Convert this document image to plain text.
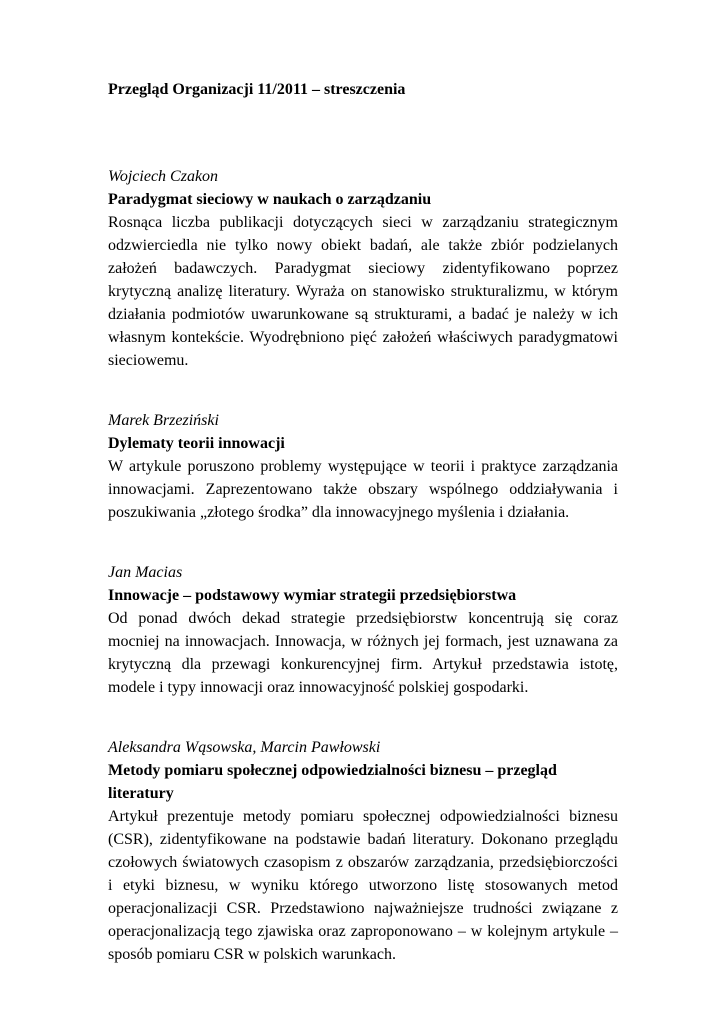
Przegląd Organizacji 11/2011 – streszczenia
Wojciech Czakon
Paradygmat sieciowy w naukach o zarządzaniu

Rosnąca liczba publikacji dotyczących sieci w zarządzaniu strategicznym odzwierciedla nie tylko nowy obiekt badań, ale także zbiór podzielanych założeń badawczych. Paradygmat sieciowy zidentyfikowano poprzez krytyczną analizę literatury. Wyraża on stanowisko strukturalizmu, w którym działania podmiotów uwarunkowane są strukturami, a badać je należy w ich własnym kontekście. Wyodrębniono pięć założeń właściwych paradygmatowi sieciowemu.

Marek Brzeziński
Dylematy teorii innowacji

W artykule poruszono problemy występujące w teorii i praktyce zarządzania innowacjami. Zaprezentowano także obszary wspólnego oddziaływania i poszukiwania „złotego środka” dla innowacyjnego myślenia i działania.

Jan Macias
Innowacje – podstawowy wymiar strategii przedsiębiorstwa

Od ponad dwóch dekad strategie przedsiębiorstw koncentrują się coraz mocniej na innowacjach. Innowacja, w różnych jej formach, jest uznawana za krytyczną dla przewagi konkurencyjnej firm. Artykuł przedstawia istotę, modele i typy innowacji oraz innowacyjność polskiej gospodarki.

Aleksandra Wąsowska, Marcin Pawłowski
Metody pomiaru społecznej odpowiedzialności biznesu – przegląd literatury

Artykuł prezentuje metody pomiaru społecznej odpowiedzialności biznesu (CSR), zidentyfikowane na podstawie badań literatury. Dokonano przeglądu czołowych światowych czasopism z obszarów zarządzania, przedsiębiorczości i etyki biznesu, w wyniku którego utworzono listę stosowanych metod operacjonalizacji CSR. Przedstawiono najważniejsze trudności związane z operacjonalizacją tego zjawiska oraz zaproponowano – w kolejnym artykule – sposób pomiaru CSR w polskich warunkach.
